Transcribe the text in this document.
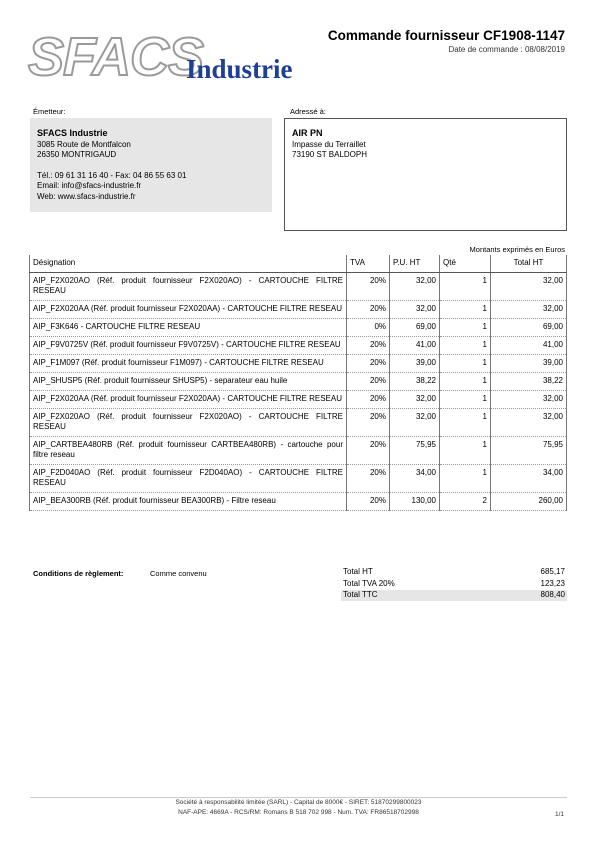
SFACS
Industrie
Commande fournisseur CF1908-1147
Date de commande : 08/08/2019
Émetteur:	Adressé à:
SFACS Industrie
3085 Route de Montfalcon
26350 MONTRIGAUD
Tél.: 09 61 31 16 40 - Fax: 04 86 55 63 01
Email: info@sfacs-industrie.fr
Web: www.sfacs-industrie.fr
AIR PN
Impasse du Terraillet
73190 ST BALDOPH
Montants exprimés en Euros
Désignation	TVA	P.U. HT	Qté	Total HT
AIP_F2X020AO (Réf. produit fournisseur F2X020AO) - CARTOUCHE FILTRE RESEAU	20%	32,00	1	32,00
AIP_F2X020AA (Réf. produit fournisseur F2X020AA) - CARTOUCHE FILTRE RESEAU	20%	32,00	1	32,00
AIP_F3K646 - CARTOUCHE FILTRE RESEAU	0%	69,00	1	69,00
AIP_F9V0725V (Réf. produit fournisseur F9V0725V) - CARTOUCHE FILTRE RESEAU	20%	41,00	1	41,00
AIP_F1M097 (Réf. produit fournisseur F1M097) - CARTOUCHE FILTRE RESEAU	20%	39,00	1	39,00
AIP_SHUSP5 (Réf. produit fournisseur SHUSP5) - separateur eau huile	20%	38,22	1	38,22
AIP_F2X020AA (Réf. produit fournisseur F2X020AA) - CARTOUCHE FILTRE RESEAU	20%	32,00	1	32,00
AIP_F2X020AO (Réf. produit fournisseur F2X020AO) - CARTOUCHE FILTRE RESEAU	20%	32,00	1	32,00
AIP_CARTBEA480RB (Réf. produit fournisseur CARTBEA480RB) - cartouche pour filtre reseau	20%	75,95	1	75,95
AIP_F2D040AO (Réf. produit fournisseur F2D040AO) - CARTOUCHE FILTRE RESEAU	20%	34,00	1	34,00
AIP_BEA300RB (Réf. produit fournisseur BEA300RB) - Filtre reseau	20%	130,00	2	260,00
Conditions de règlement:	Comme convenu	Total HT	685,17
Total TVA 20%	123,23
Total TTC	808,40
Société à responsabilité limitée (SARL) - Capital de 8000€ - SIRET: 51870299800023
NAF-APE: 4669A - RCS/RM: Romans B 518 702 998 - Num. TVA: FR86518702998	1/1
